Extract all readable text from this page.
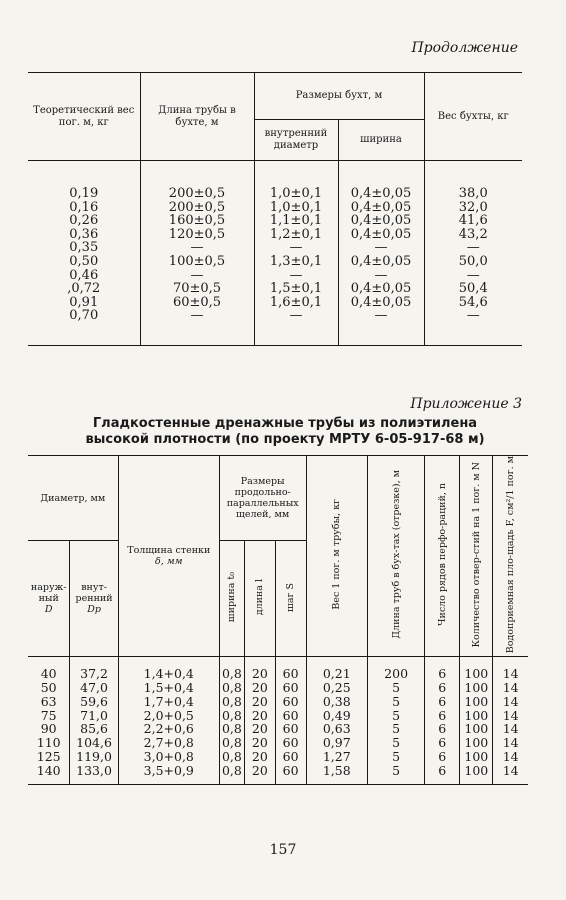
Продолжение
Теоретический вес пог. м, кг	Длина трубы в бухте, м	Размеры бухт, м		Вес бухты, кг
		внутренний диаметр	ширина	
0,19	200±0,5	1,0±0,1	0,4±0,05	38,0
0,16	200±0,5	1,0±0,1	0,4±0,05	32,0
0,26	160±0,5	1,1±0,1	0,4±0,05	41,6
0,36	120±0,5	1,2±0,1	0,4±0,05	43,2
0,35	—	—	—	—
0,50	100±0,5	1,3±0,1	0,4±0,05	50,0
0,46	—	—	—	—
,0,72	70±0,5	1,5±0,1	0,4±0,05	50,4
0,91	60±0,5	1,6±0,1	0,4±0,05	54,6
0,70	—	—	—	—
Приложение 3
Гладкостенные дренажные трубы из полиэтилена высокой плотности (по проекту МРТУ 6-05-917-68 м)
Диаметр, мм		Толщина стенки
δ, мм	Размеры продольно-параллельных щелей, мм			Вес 1 пог. м трубы, кг	Длина труб в бух-тах (отрезке), м	Число рядов перфо-раций, n	Количество отвер-стий на 1 пог. м N	Водоприемная пло-щадь F, см²/1 пог. м
наруж-ный
D	внут-ренний
Dр		ширина t₀	длина l	шаг S					
40	37,2	1,4+0,4	0,8	20	60	0,21	200	6	100	14
50	47,0	1,5+0,4	0,8	20	60	0,25	5	6	100	14
63	59,6	1,7+0,4	0,8	20	60	0,38	5	6	100	14
75	71,0	2,0+0,5	0,8	20	60	0,49	5	6	100	14
90	85,6	2,2+0,6	0,8	20	60	0,63	5	6	100	14
110	104,6	2,7+0,8	0,8	20	60	0,97	5	6	100	14
125	119,0	3,0+0,8	0,8	20	60	1,27	5	6	100	14
140	133,0	3,5+0,9	0,8	20	60	1,58	5	6	100	14
157
